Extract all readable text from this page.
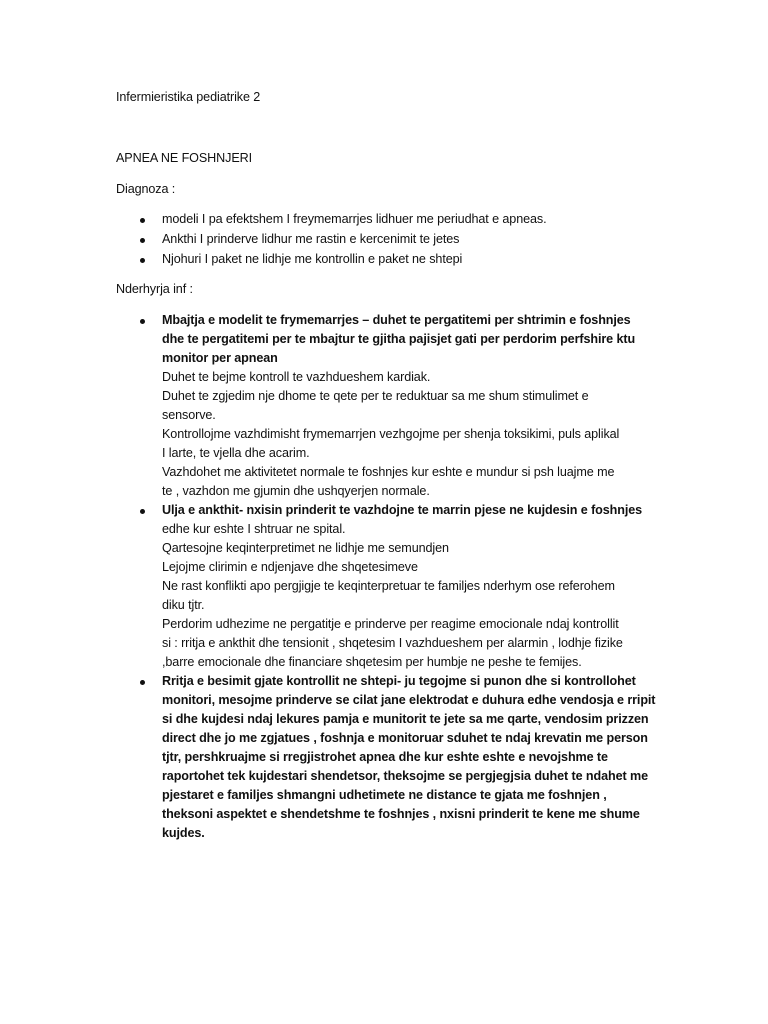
Infermieristika pediatrike 2
APNEA NE FOSHNJERI
Diagnoza :
modeli I pa efektshem I freymemarrjes lidhuer me periudhat e apneas.
Ankthi I prinderve lidhur me rastin e kercenimit te jetes
Njohuri I paket ne lidhje me kontrollin e paket ne shtepi
Nderhyrja inf :
Mbajtja e modelit te frymemarrjes – duhet te pergatitemi per shtrimin e foshnjes
dhe te pergatitemi per te mbajtur te gjitha pajisjet gati per perdorim perfshire ktu
monitor per apnean
Duhet te bejme kontroll te vazhdueshem kardiak.
Duhet te zgjedim nje dhome te qete per te reduktuar sa me shum stimulimet e
sensorve.
Kontrollojme vazhdimisht frymemarrjen vezhgojme per shenja toksikimi, puls aplikal
I larte, te vjella dhe acarim.
Vazhdohet me aktivitetet normale te foshnjes kur eshte e mundur si psh luajme me
te , vazhdon me gjumin dhe ushqyerjen normale.
Ulja e ankthit- nxisin prinderit te vazhdojne te marrin pjese ne kujdesin e foshnjes
edhe kur eshte I shtruar ne spital.
Qartesojne keqinterpretimet ne lidhje me semundjen
Lejojme clirimin e ndjenjave dhe shqetesimeve
Ne rast konflikti apo pergjigje te keqinterpretuar te familjes nderhym ose referohem
diku tjtr.
Perdorim udhezime ne pergatitje e prinderve per reagime emocionale ndaj kontrollit
si : rritja e ankthit dhe tensionit , shqetesim I vazhdueshem per alarmin , lodhje fizike
,barre emocionale dhe financiare shqetesim per humbje ne peshe te femijes.
Rritja e besimit gjate kontrollit ne shtepi- ju tegojme si punon dhe si kontrollohet
monitori, mesojme prinderve se cilat jane elektrodat e duhura edhe vendosja e rripit
si dhe kujdesi ndaj lekures pamja e munitorit te jete sa me qarte, vendosim prizzen
direct dhe jo me zgjatues , foshnja e monitoruar sduhet te ndaj krevatin me person
tjtr, pershkruajme si rregjistrohet apnea dhe kur eshte eshte e nevojshme te
raportohet tek kujdestari shendetsor, theksojme se pergjegjsia duhet te ndahet me
pjestaret e familjes shmangni udhetimete ne distance te gjata me foshnjen ,
theksoni aspektet e shendetshme te foshnjes , nxisni prinderit te kene me shume
kujdes.
